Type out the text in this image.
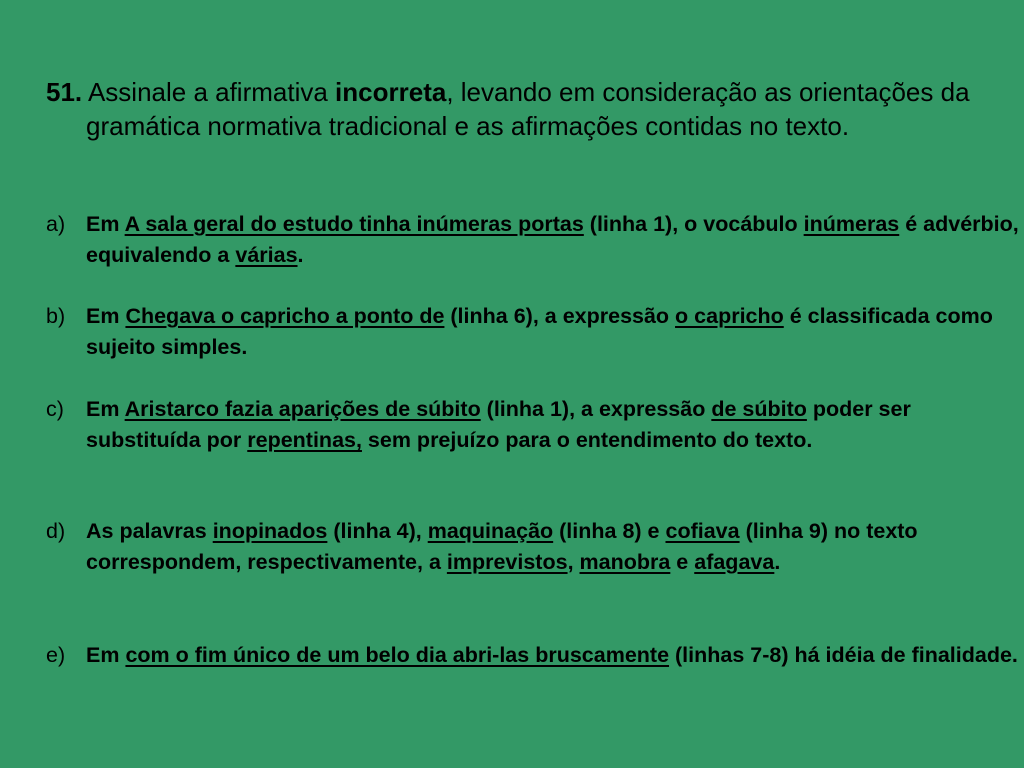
51. Assinale a afirmativa incorreta, levando em consideração as orientações da gramática normativa tradicional e as afirmações contidas no texto.
a) Em A sala geral do estudo tinha inúmeras portas (linha 1), o vocábulo inúmeras é advérbio, equivalendo a várias.
b) Em Chegava o capricho a ponto de (linha 6), a expressão o capricho é classificada como sujeito simples.
c)	Em Aristarco fazia aparições de súbito (linha 1), a expressão de súbito poder ser substituída por repentinas, sem prejuízo para o entendimento do texto.
d) As palavras inopinados (linha 4), maquinação (linha 8) e cofiava (linha 9) no texto correspondem, respectivamente, a imprevistos, manobra e afagava.
e) Em com o fim único de um belo dia abri-las bruscamente (linhas 7-8) há idéia de finalidade.
